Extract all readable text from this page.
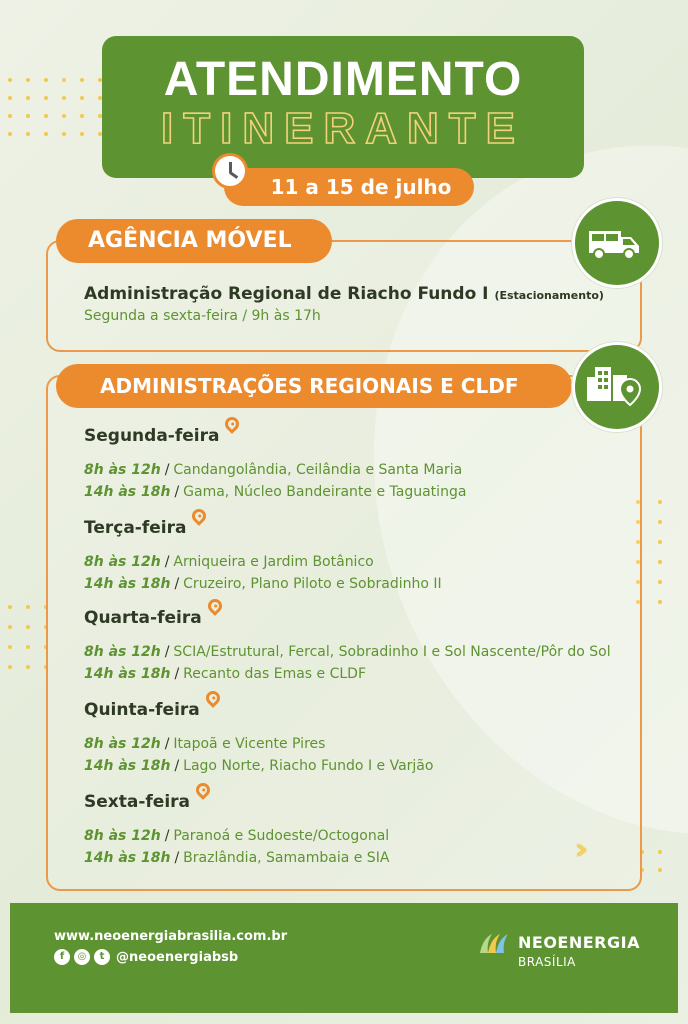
››
ATENDIMENTO
ITINERANTE
11 a 15 de julho
AGÊNCIA MÓVEL
Administração Regional de Riacho Fundo I (Estacionamento)
Segunda a sexta-feira / 9h às 17h
ADMINISTRAÇÕES REGIONAIS E CLDF
Segunda-feira
8h às 12h / Candangolândia, Ceilândia e Santa Maria
14h às 18h / Gama, Núcleo Bandeirante e Taguatinga
Terça-feira
8h às 12h / Arniqueira e Jardim Botânico
14h às 18h / Cruzeiro, Plano Piloto e Sobradinho II
Quarta-feira
8h às 12h / SCIA/Estrutural, Fercal, Sobradinho I e Sol Nascente/Pôr do Sol
14h às 18h / Recanto das Emas e CLDF
Quinta-feira
8h às 12h / Itapoã e Vicente Pires
14h às 18h / Lago Norte, Riacho Fundo I e Varjão
Sexta-feira
8h às 12h / Paranoá e Sudoeste/Octogonal
14h às 18h / Brazlândia, Samambaia e SIA
www.neoenergiabrasilia.com.br
f	◎	t @neoenergiabsb
NEOENERGIA
BRASÍLIA
